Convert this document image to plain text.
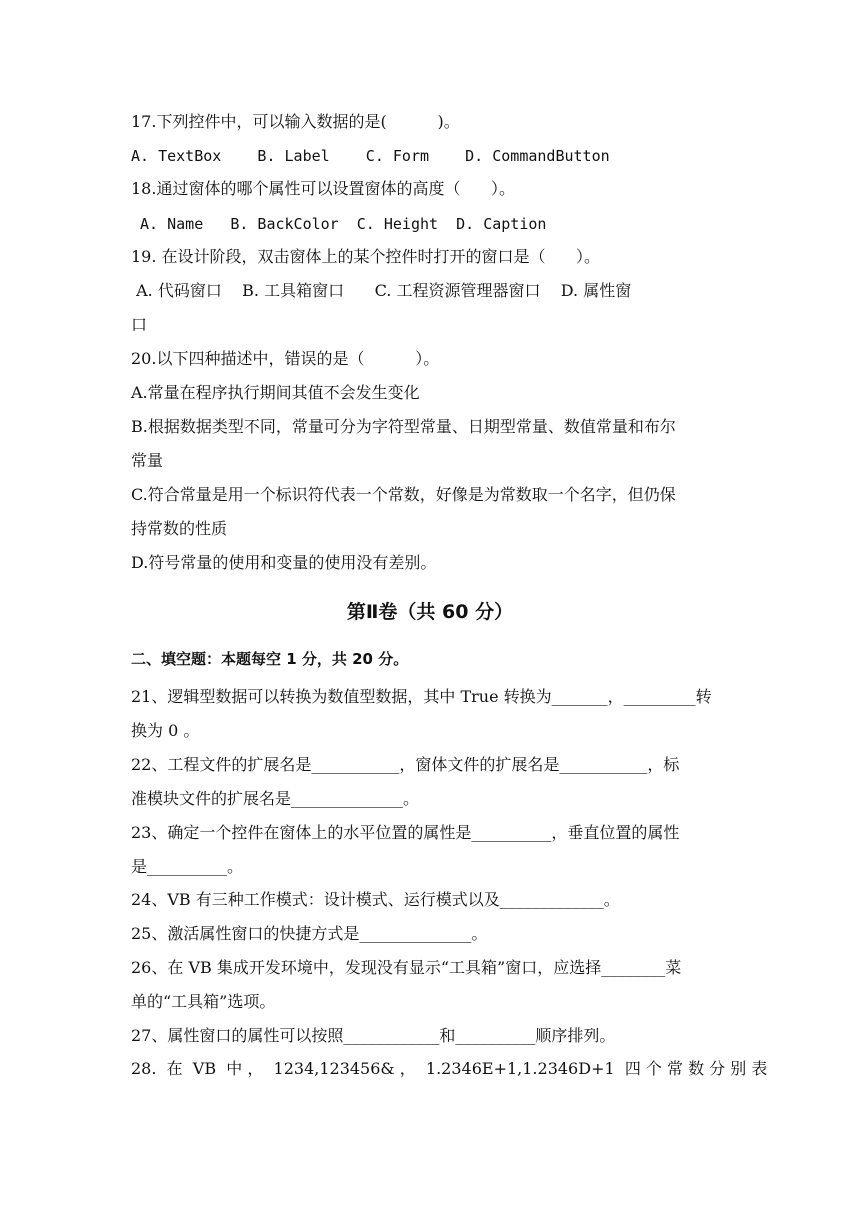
17.下列控件中，可以输入数据的是(          )。
A. TextBox    B. Label    C. Form    D. CommandButton
18.通过窗体的哪个属性可以设置窗体的高度（      ）。
A. Name   B. BackColor  C. Height  D. Caption
19. 在设计阶段，双击窗体上的某个控件时打开的窗口是（      ）。
A. 代码窗口    B. 工具箱窗口      C. 工程资源管理器窗口    D. 属性窗
口
20.以下四种描述中，错误的是（          ）。
A.常量在程序执行期间其值不会发生变化
B.根据数据类型不同，常量可分为字符型常量、日期型常量、数值常量和布尔
常量
C.符合常量是用一个标识符代表一个常数，好像是为常数取一个名字，但仍保
持常数的性质
D.符号常量的使用和变量的使用没有差别。
第Ⅱ卷（共 60 分）
二、填空题：本题每空 1 分，共 20 分。
21、逻辑型数据可以转换为数值型数据，其中 True 转换为_______，_________转
换为 0 。
22、工程文件的扩展名是___________，窗体文件的扩展名是___________，标
准模块文件的扩展名是______________。
23、确定一个控件在窗体上的水平位置的属性是__________，垂直位置的属性
是__________。
24、VB 有三种工作模式：设计模式、运行模式以及_____________。
25、激活属性窗口的快捷方式是______________。
26、在 VB 集成开发环境中，发现没有显示“工具箱”窗口，应选择________菜
单的“工具箱”选项。
27、属性窗口的属性可以按照____________和__________顺序排列。
28.  在  VB  中 ，  1234,123456& ，  1.2346E+1,1.2346D+1  四 个 常 数 分 别 表
